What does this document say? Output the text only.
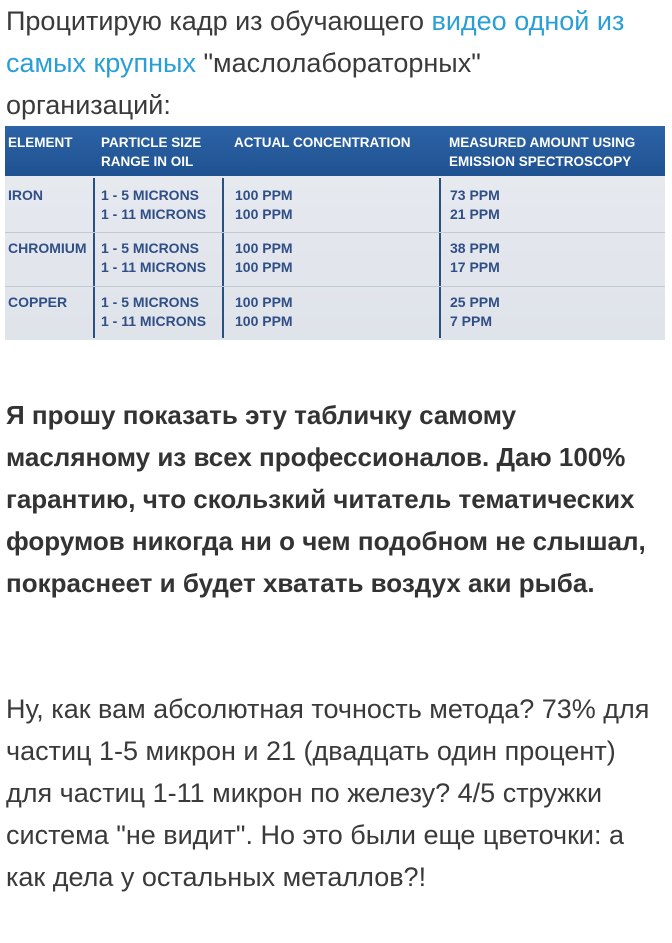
Процитирую кадр из обучающего видео одной из самых крупных "маслолабораторных" организаций:
ELEMENT PARTICLE SIZE
RANGE IN OIL
ACTUAL CONCENTRATION	MEASURED AMOUNT USING
EMISSION SPECTROSCOPY
IRON	1 - 5 MICRONS
1 - 11 MICRONS
100 PPM
100 PPM
73 PPM
21 PPM
CHROMIUM 1 - 5 MICRONS
1 - 11 MICRONS
100 PPM
100 PPM
38 PPM
17 PPM
COPPER 1 - 5 MICRONS
1 - 11 MICRONS
100 PPM
100 PPM
25 PPM
7 PPM
Я прошу показать эту табличку самому масляному из всех профессионалов. Даю 100% гарантию, что скользкий читатель тематических форумов никогда ни о чем подобном не слышал, покраснеет и будет хватать воздух аки рыба.
Ну, как вам абсолютная точность метода? 73% для частиц 1-5 микрон и 21 (двадцать один процент) для частиц 1-11 микрон по железу? 4/5 стружки система "не видит". Но это были еще цветочки: а как дела у остальных металлов?!
